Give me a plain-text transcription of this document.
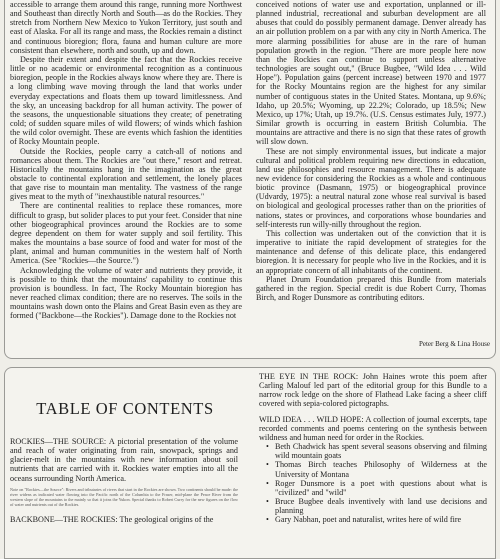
accessible to arrange them around this range, running more Northwest and Southeast than directly North and South—as do the Rockies. They stretch from Northern New Mexico to Yukon Territory, just south and east of Alaska. For all its range and mass, the Rockies remain a distinct and continuous bioregion; flora, fauna and human culture are more consistent than elsewhere, north and south, up and down.

Despite their extent and despite the fact that the Rockies receive little or no academic or environmental recognition as a continuous bioregion, people in the Rockies always know where they are. There is a long climbing wave moving through the land that works under everyday expectations and floats them up toward limitlessness. And the sky, an unceasing backdrop for all human activity. The power of the seasons, the unquestionable situations they create; of penetrating cold; of sudden square miles of wild flowers; of winds which fashion the wild color overnight. These are events which fashion the identities of Rocky Mountain people.

Outside the Rockies, people carry a catch-all of notions and romances about them. The Rockies are "out there," resort and retreat. Historically the mountains hang in the imagination as the great obstacle to continental exploration and settlement, the lonely places that gave rise to mountain man mentality. The vastness of the range gives meat to the myth of "inexhaustible natural resources."

There are continental realities to replace these romances, more difficult to grasp, but solider places to put your feet. Consider that nine other biogeographical provinces around the Rockies are to some degree dependent on them for water supply and soil fertility. This makes the mountains a base source of food and water for most of the plant, animal and human communities in the western half of North America. (See "Rockies—the Source.")

Acknowledging the volume of water and nutrients they provide, it is possible to think that the mountains' capability to continue this provision is boundless. In fact, The Rocky Mountain bioregion has never reached climax condition; there are no reserves. The soils in the mountains wash down onto the Plains and Great Basin even as they are formed ("Backbone—the Rockies"). Damage done to the Rockies not

conceived notions of water use and exportation, unplanned or ill-planned industrial, recreational and suburban development are all abuses that could do possibly permanent damage. Denver already has an air pollution problem on a par with any city in North America. The more alarming possibilities for abuse are in the rare of human population growth in the region. "There are more people here now than the Rockies can continue to support unless alternative technologies are sought out," (Bruce Bugbee, "Wild Idea . . . Wild Hope"). Population gains (percent increase) between 1970 and 1977 for the Rocky Mountains region are the highest for any similar number of contiguous states in the United States. Montana, up 9.6%; Idaho, up 20.5%; Wyoming, up 22.2%; Colorado, up 18.5%; New Mexico, up 17%; Utah, up 19.7%. (U.S. Census estimates July, 1977.) Similar growth is occurring in eastern British Columbia. The mountains are attractive and there is no sign that these rates of growth will slow down.

These are not simply environmental issues, but indicate a major cultural and political problem requiring new directions in education, land use philosophies and resource management. There is adequate new evidence for considering the Rockies as a whole and continuous biotic province (Dasmann, 1975) or biogeographical province (Udvardy, 1975): a neutral natural zone whose real survival is based on biological and geological processes rather than on the priorities of nations, states or provinces, and corporations whose boundaries and self-interests run willy-nilly throughout the region.

This collection was undertaken out of the conviction that it is imperative to initiate the rapid development of strategies for the maintenance and defense of this delicate place, this endangered bioregion. It is necessary for people who live in the Rockies, and it is an appropriate concern of all inhabitants of the continent.

Planet Drum Foundation prepared this Bundle from materials gathered in the region. Special credit is due Robert Curry, Thomas Birch, and Roger Dunsmore as contributing editors.

Peter Berg & Lina House
TABLE OF CONTENTS

ROCKIES—THE SOURCE: A pictorial presentation of the volume and reach of water originating from rain, snowpack, springs and glacier-melt in the mountains with new information about soil nutrients that are carried with it. Rockies water empties into all the oceans surrounding North America.

Note on "Rockies—the Source": Rivers and tributaries of rivers that start in the Rockies are shown. Two continents should be made: the river widens as indicated water flowing into the Pacific north of the Columbia to the Fraser, mid-plane the Peace River from the western slope of the mountains to the mainly so that it joins the Yukon. Special thanks to Robert Curry for the new figures on the flow of water and nutrients out of the Rockies.

BACKBONE—THE ROCKIES: The geological origins of the

THE EYE IN THE ROCK: John Haines wrote this poem after Carling Malouf led part of the editorial group for this Bundle to a narrow rock ledge on the shore of Flathead Lake facing a sheer cliff covered with sepia-colored pictographs.

WILD IDEA . . . WILD HOPE: A collection of journal excerpts, tape recorded comments and poems centering on the synthesis between wildness and human need for order in the Rockies.

• Beth Chadwick has spent several seasons observing and filming wild mountain goats
• Thomas Birch teaches Philosophy of Wilderness at the University of Montana
• Roger Dunsmore is a poet with questions about what is "civilized" and "wild"
• Bruce Bugbee deals inventively with land use decisions and planning
• Gary Nabhan, poet and naturalist, writes here of wild fire
